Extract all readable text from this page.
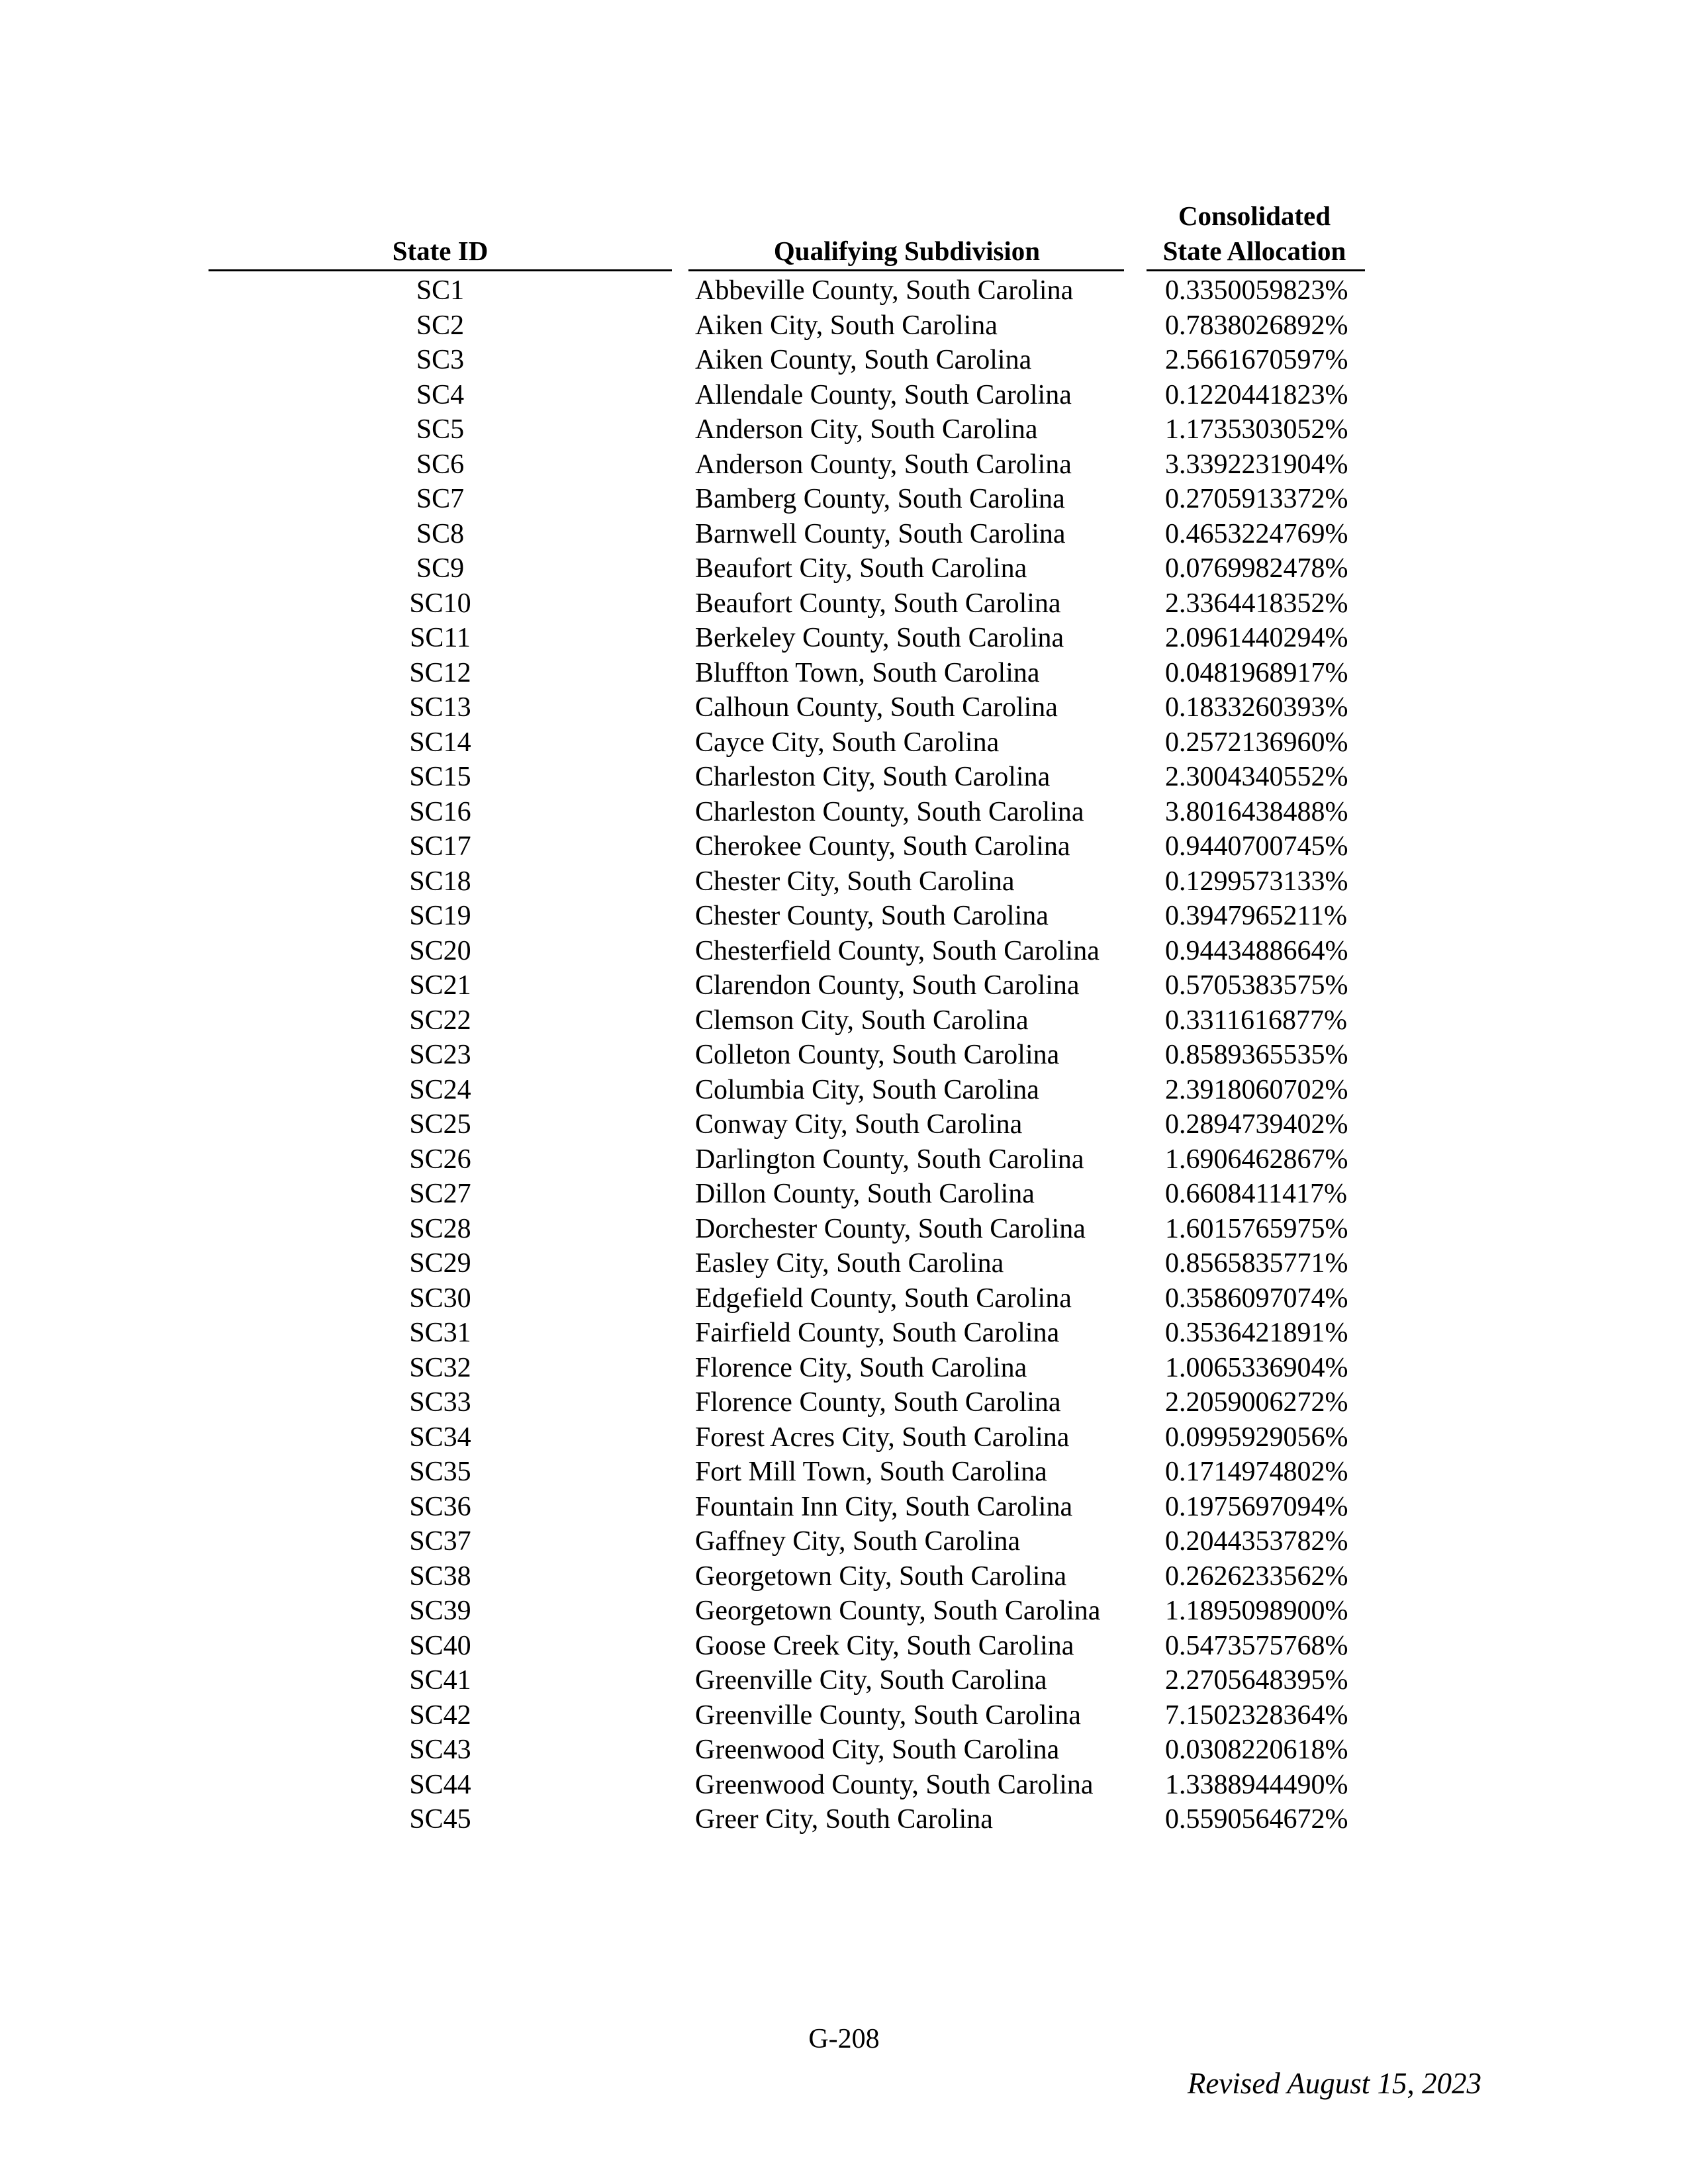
State ID	Qualifying Subdivision
Consolidated
State Allocation
SC1	Abbeville County, South Carolina	0.3350059823%
SC2	Aiken City, South Carolina	0.7838026892%
SC3	Aiken County, South Carolina	2.5661670597%
SC4	Allendale County, South Carolina	0.1220441823%
SC5	Anderson City, South Carolina	1.1735303052%
SC6	Anderson County, South Carolina	3.3392231904%
SC7	Bamberg County, South Carolina	0.2705913372%
SC8	Barnwell County, South Carolina	0.4653224769%
SC9	Beaufort City, South Carolina	0.0769982478%
SC10	Beaufort County, South Carolina	2.3364418352%
SC11	Berkeley County, South Carolina	2.0961440294%
SC12	Bluffton Town, South Carolina	0.0481968917%
SC13	Calhoun County, South Carolina	0.1833260393%
SC14	Cayce City, South Carolina	0.2572136960%
SC15	Charleston City, South Carolina	2.3004340552%
SC16	Charleston County, South Carolina	3.8016438488%
SC17	Cherokee County, South Carolina	0.9440700745%
SC18	Chester City, South Carolina	0.1299573133%
SC19	Chester County, South Carolina	0.3947965211%
SC20	Chesterfield County, South Carolina	0.9443488664%
SC21	Clarendon County, South Carolina	0.5705383575%
SC22	Clemson City, South Carolina	0.3311616877%
SC23	Colleton County, South Carolina	0.8589365535%
SC24	Columbia City, South Carolina	2.3918060702%
SC25	Conway City, South Carolina	0.2894739402%
SC26	Darlington County, South Carolina	1.6906462867%
SC27	Dillon County, South Carolina	0.6608411417%
SC28	Dorchester County, South Carolina	1.6015765975%
SC29	Easley City, South Carolina	0.8565835771%
SC30	Edgefield County, South Carolina	0.3586097074%
SC31	Fairfield County, South Carolina	0.3536421891%
SC32	Florence City, South Carolina	1.0065336904%
SC33	Florence County, South Carolina	2.2059006272%
SC34	Forest Acres City, South Carolina	0.0995929056%
SC35	Fort Mill Town, South Carolina	0.1714974802%
SC36	Fountain Inn City, South Carolina	0.1975697094%
SC37	Gaffney City, South Carolina	0.2044353782%
SC38	Georgetown City, South Carolina	0.2626233562%
SC39	Georgetown County, South Carolina	1.1895098900%
SC40	Goose Creek City, South Carolina	0.5473575768%
SC41	Greenville City, South Carolina	2.2705648395%
SC42	Greenville County, South Carolina	7.1502328364%
SC43	Greenwood City, South Carolina	0.0308220618%
SC44	Greenwood County, South Carolina	1.3388944490%
SC45	Greer City, South Carolina	0.5590564672%
G-208
Revised August 15, 2023
